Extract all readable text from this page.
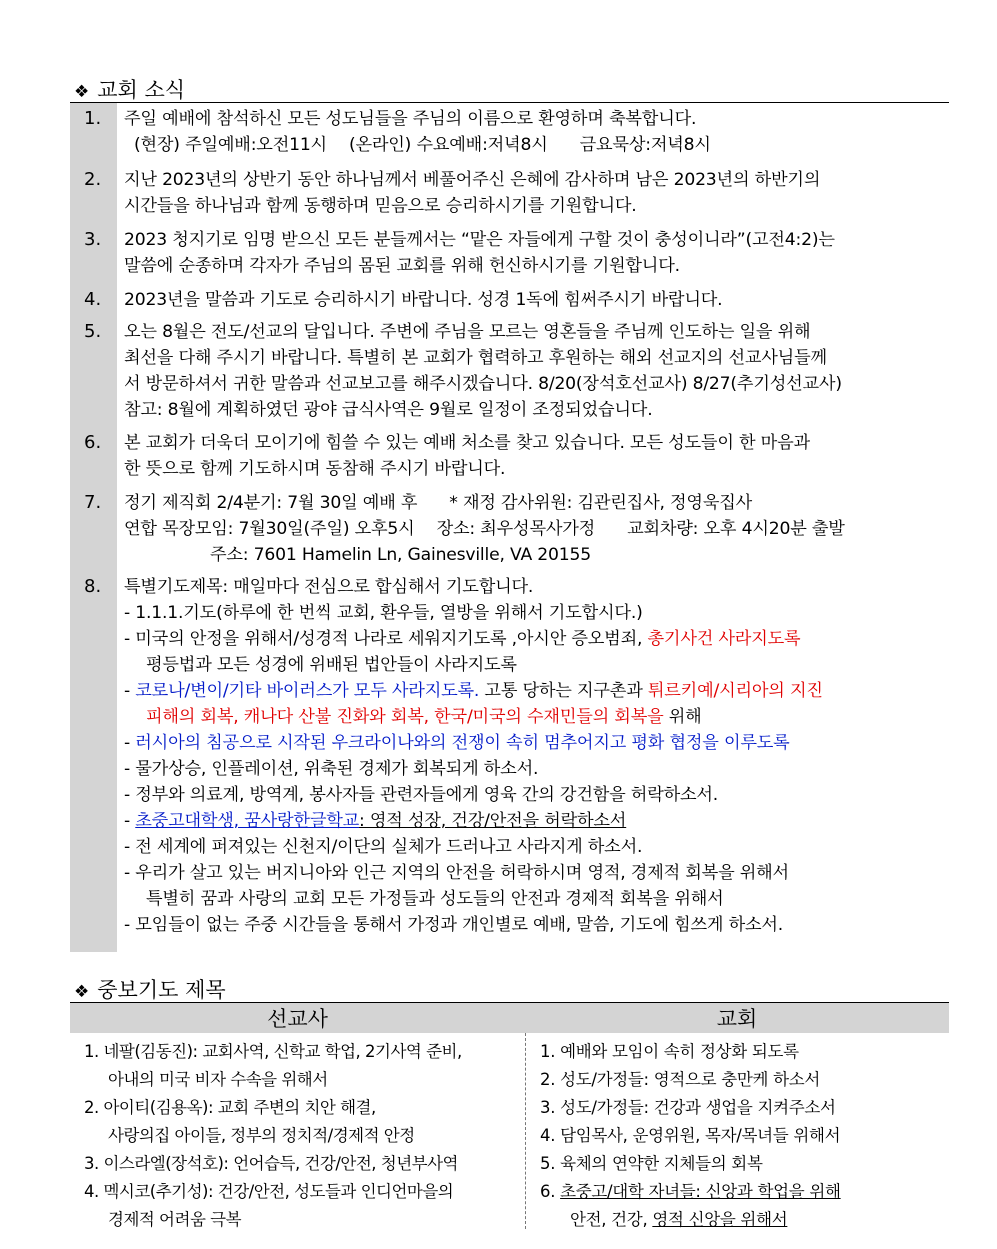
❖ 교회 소식
1.	주일 예배에 참석하신 모든 성도님들을 주님의 이름으로 환영하며 축복합니다.
(현장) 주일예배:오전11시 (온라인) 수요예배:저녁8시 금요묵상:저녁8시
2.	지난 2023년의 상반기 동안 하나님께서 베풀어주신 은혜에 감사하며 남은 2023년의 하반기의
시간들을 하나님과 함께 동행하며 믿음으로 승리하시기를 기원합니다.
3.	2023 청지기로 임명 받으신 모든 분들께서는 “맡은 자들에게 구할 것이 충성이니라”(고전4:2)는
말씀에 순종하며 각자가 주님의 몸된 교회를 위해 헌신하시기를 기원합니다.
4.	2023년을 말씀과 기도로 승리하시기 바랍니다. 성경 1독에 힘써주시기 바랍니다.
5.	오는 8월은 전도/선교의 달입니다. 주변에 주님을 모르는 영혼들을 주님께 인도하는 일을 위해
최선을 다해 주시기 바랍니다. 특별히 본 교회가 협력하고 후원하는 해외 선교지의 선교사님들께
서 방문하셔서 귀한 말씀과 선교보고를 해주시겠습니다. 8/20(장석호선교사) 8/27(추기성선교사)
참고: 8월에 계획하였던 광야 급식사역은 9월로 일정이 조정되었습니다.
6.	본 교회가 더욱더 모이기에 힘쓸 수 있는 예배 처소를 찾고 있습니다. 모든 성도들이 한 마음과
한 뜻으로 함께 기도하시며 동참해 주시기 바랍니다.
7.	정기 제직회 2/4분기: 7월 30일 예배 후 * 재정 감사위원: 김관린집사, 정영욱집사
연합 목장모임: 7월30일(주일) 오후5시 장소: 최우성목사가정 교회차량: 오후 4시20분 출발
주소: 7601 Hamelin Ln, Gainesville, VA 20155
8.	특별기도제목: 매일마다 전심으로 합심해서 기도합니다.
- 1.1.1.기도(하루에 한 번씩 교회, 환우들, 열방을 위해서 기도합시다.)
- 미국의 안정을 위해서/성경적 나라로 세워지기도록 ,아시안 증오범죄, 총기사건 사라지도록
평등법과 모든 성경에 위배된 법안들이 사라지도록
- 코로나/변이/기타 바이러스가 모두 사라지도록. 고통 당하는 지구촌과 튀르키예/시리아의 지진
피해의 회복, 캐나다 산불 진화와 회복, 한국/미국의 수재민들의 회복을 위해
- 러시아의 침공으로 시작된 우크라이나와의 전쟁이 속히 멈추어지고 평화 협정을 이루도록
- 물가상승, 인플레이션, 위축된 경제가 회복되게 하소서.
- 정부와 의료계, 방역계, 봉사자들 관련자들에게 영육 간의 강건함을 허락하소서.
- 초중고대학생, 꿈사랑한글학교: 영적 성장, 건강/안전을 허락하소서
- 전 세계에 퍼져있는 신천지/이단의 실체가 드러나고 사라지게 하소서.
- 우리가 살고 있는 버지니아와 인근 지역의 안전을 허락하시며 영적, 경제적 회복을 위해서
특별히 꿈과 사랑의 교회 모든 가정들과 성도들의 안전과 경제적 회복을 위해서
- 모임들이 없는 주중 시간들을 통해서 가정과 개인별로 예배, 말씀, 기도에 힘쓰게 하소서.
❖ 중보기도 제목
선교사	교회
1. 네팔(김동진): 교회사역, 신학교 학업, 2기사역 준비,
아내의 미국 비자 수속을 위해서
2. 아이티(김용옥): 교회 주변의 치안 해결,
사랑의집 아이들, 정부의 정치적/경제적 안정
3. 이스라엘(장석호): 언어습득, 건강/안전, 청년부사역
4. 멕시코(추기성): 건강/안전, 성도들과 인디언마을의
경제적 어려움 극복
1. 예배와 모임이 속히 정상화 되도록
2. 성도/가정들: 영적으로 충만케 하소서
3. 성도/가정들: 건강과 생업을 지켜주소서
4. 담임목사, 운영위원, 목자/목녀들 위해서
5. 육체의 연약한 지체들의 회복
6. 초중고/대학 자녀들: 신앙과 학업을 위해
안전, 건강, 영적 신앙을 위해서
